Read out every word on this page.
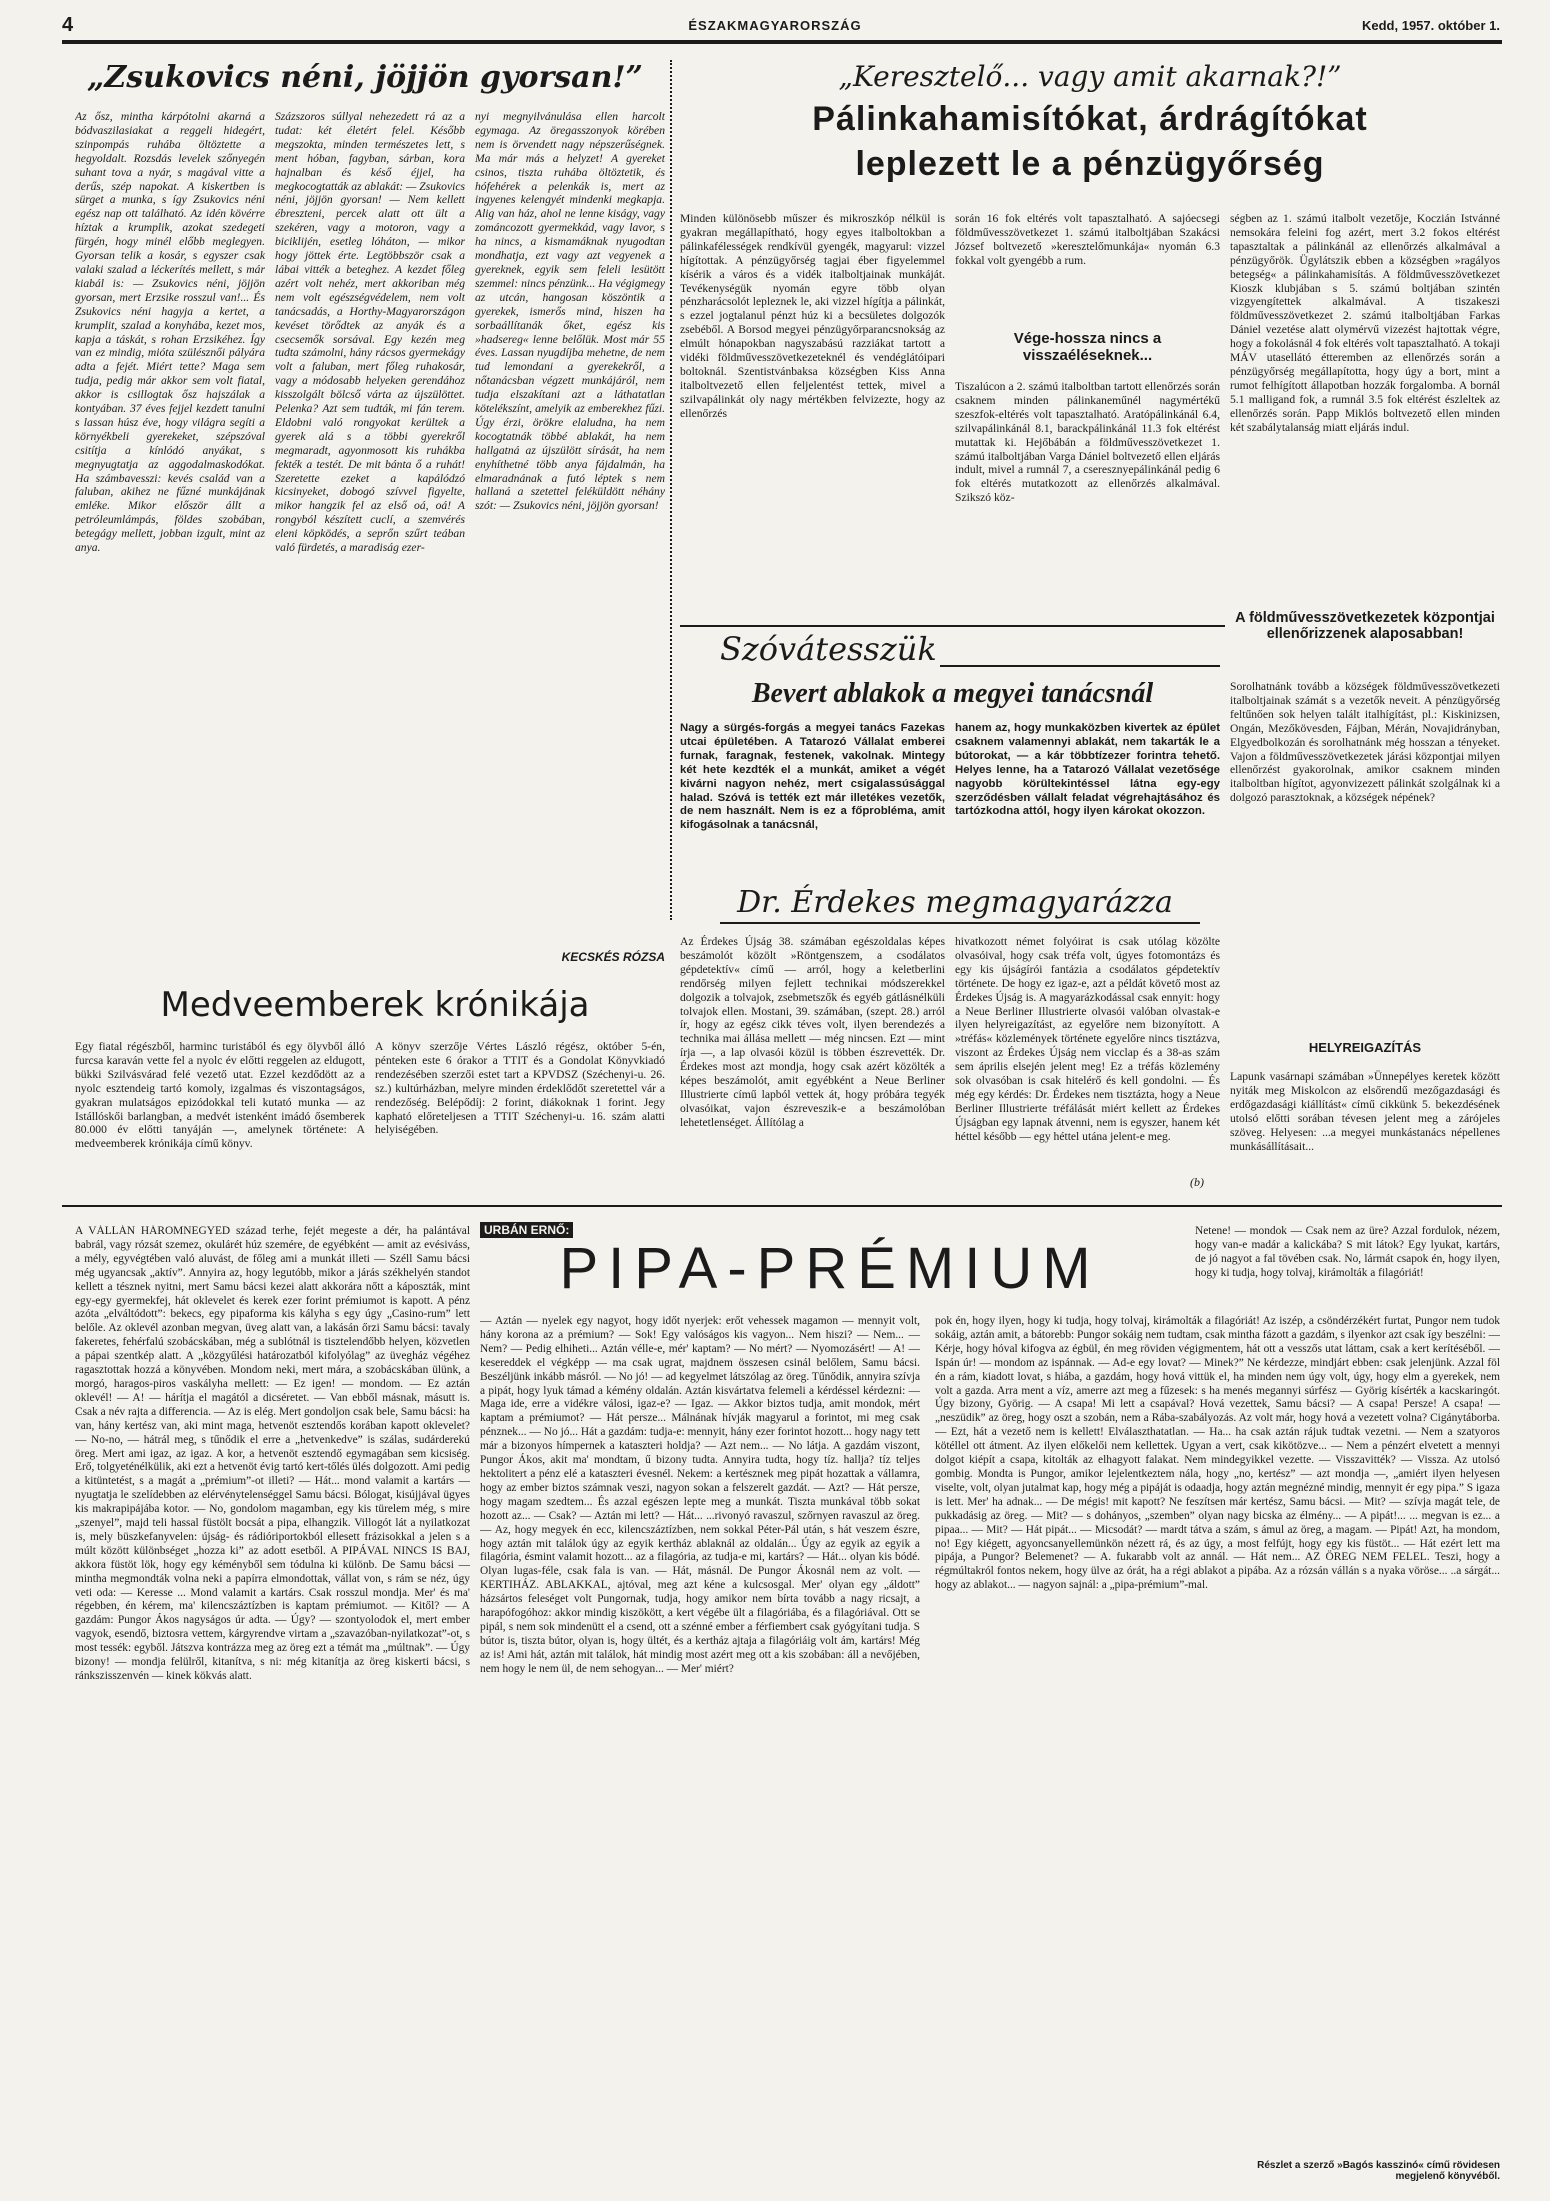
4	ÉSZAKMAGYARORSZÁG	Kedd, 1957. október 1.
„Zsukovics néni, jöjjön gyorsan!”
Az ősz, mintha kárpótolni akarná a bódvaszilasiakat a reggeli hidegért, szinpompás ruhába öltöztette a hegyoldalt. Rozsdás levelek szőnyegén suhant tova a nyár, s magával vitte a derűs, szép napokat. A kiskertben is sürget a munka, s így Zsukovics néni egész nap ott található. Az idén kövérre híztak a krumplik, azokat szedegeti fürgén, hogy minél előbb meglegyen. Gyorsan telik a kosár, s egyszer csak valaki szalad a léckerítés mellett, s már kiabál is: — Zsukovics néni, jöjjön gyorsan, mert Erzsike rosszul van!... És Zsukovics néni hagyja a kertet, a krumplit, szalad a konyhába, kezet mos, kapja a táskát, s rohan Erzsikéhez. Így van ez mindig, mióta szülésznői pályára adta a fejét. Miért tette? Maga sem tudja, pedig már akkor sem volt fiatal, akkor is csillogtak ősz hajszálak a kontyában. 37 éves fejjel kezdett tanulni s lassan húsz éve, hogy világra segíti a környékbeli gyerekeket, szépszóval csitítja a kínlódó anyákat, s megnyugtatja az aggodalmaskodókat. Ha számbavesszi: kevés család van a faluban, akihez ne fűzné munkájának emléke. Mikor először állt a petróleumlámpás, földes szobában, betegágy mellett, jobban izgult, mint az anya.
Százszoros súllyal nehezedett rá az a tudat: két életért felel. Később megszokta, minden természetes lett, s ment hóban, fagyban, sárban, kora hajnalban és késő éjjel, ha megkocogtatták az ablakát: — Zsukovics néni, jöjjön gyorsan! — Nem kellett ébreszteni, percek alatt ott ült a szekéren, vagy a motoron, vagy a biciklijén, esetleg lóháton, — mikor hogy jöttek érte. Legtöbbször csak a lábai vitték a beteghez. A kezdet főleg azért volt nehéz, mert akkoriban még nem volt egészségvédelem, nem volt tanácsadás, a Horthy-Magyarországon kevéset törődtek az anyák és a csecsemők sorsával. Egy kezén meg tudta számolni, hány rácsos gyermekágy volt a faluban, mert főleg ruhakosár, vagy a módosabb helyeken gerendához kisszolgált bölcső várta az újszülöttet. Pelenka? Azt sem tudták, mi fán terem. Eldobni való rongyokat kerültek a gyerek alá s a többi gyerekről megmaradt, agyonmosott kis ruhákba fekték a testét. De mit bánta ő a ruhát! Szeretette ezeket a kapálódzó kicsinyeket, dobogó szívvel figyelte, mikor hangzik fel az első oá, oá! A rongyból készített cuclí, a szemvérés eleni köpködés, a seprőn szűrt teában való fürdetés, a maradiság ezer-
nyi megnyilvánulása ellen harcolt egymaga. Az öregasszonyok körében nem is örvendett nagy népszerűségnek. Ma már más a helyzet! A gyereket csinos, tiszta ruhába öltöztetik, és hófehérek a pelenkák is, mert az ingyenes kelengyét mindenki megkapja. Alig van ház, ahol ne lenne kiságy, vagy zománcozott gyermekkád, vagy lavor, s ha nincs, a kismamáknak nyugodtan mondhatja, ezt vagy azt vegyenek a gyereknek, egyik sem feleli lesütött szemmel: nincs pénzünk... Ha végigmegy az utcán, hangosan köszöntik a gyerekek, ismerős mind, hiszen ha sorbaállítanák őket, egész kis »hadsereg« lenne belőlük. Most már 55 éves. Lassan nyugdíjba mehetne, de nem tud lemondani a gyerekekről, a nőtanácsban végzett munkájáról, nem tudja elszakítani azt a láthatatlan kötelékszínt, amelyik az emberekhez fűzi. Úgy érzi, örökre elaludna, ha nem kocogtatnák többé ablakát, ha nem hallgatná az újszülött sírását, ha nem enyhíthetné több anya fájdalmán, ha elmaradnának a futó léptek s nem hallaná a szetettel feléküldött néhány szót: — Zsukovics néni, jöjjön gyorsan!
KECSKÉS RÓZSA
„Keresztelő... vagy amit akarnak?!”
Pálinkahamisítókat, árdrágítókat
leplezett le a pénzügyőrség
Minden különösebb műszer és mikroszkóp nélkül is gyakran megállapítható, hogy egyes italboltokban a pálinkafélességek rendkívül gyengék, magyarul: vizzel hígítottak. A pénzügyőrség tagjai éber figyelemmel kísérik a város és a vidék italboltjainak munkáját. Tevékenységük nyomán egyre több olyan pénzharácsolót lepleznek le, aki vizzel hígítja a pálinkát, s ezzel jogtalanul pénzt húz ki a becsületes dolgozók zsebéből. A Borsod megyei pénzügyőrparancsnokság az elmúlt hónapokban nagyszabású razziákat tartott a vidéki földművesszövetkezeteknél és vendéglátóipari boltoknál. Szentistvánbaksa községben Kiss Anna italboltvezető ellen feljelentést tettek, mivel a szilvapálinkát oly nagy mértékben felvizezte, hogy az ellenőrzés
során 16 fok eltérés volt tapasztalható. A sajóecsegi földművesszövetkezet 1. számú italboltjában Szakácsi József boltvezető »keresztelőmunkája« nyomán 6.3 fokkal volt gyengébb a rum.
Vége-hossza nincs a visszaéléseknek...
Tiszalúcon a 2. számú italboltban tartott ellenőrzés során csaknem minden pálinkaneműnél nagymértékű szeszfok-eltérés volt tapasztalható. Aratópálinkánál 6.4, szilvapálinkánál 8.1, barackpálinkánál 11.3 fok eltérést mutattak ki. Hejőbábán a földművesszövetkezet 1. számú italboltjában Varga Dániel boltvezető ellen eljárás indult, mivel a rumnál 7, a cseresznyepálinkánál pedig 6 fok eltérés mutatkozott az ellenőrzés alkalmával. Szikszó köz-
ségben az 1. számú italbolt vezetője, Koczián Istvánné nemsokára feleini fog azért, mert 3.2 fokos eltérést tapasztaltak a pálinkánál az ellenőrzés alkalmával a pénzügyőrök. Ügylátszik ebben a községben »ragályos betegség« a pálinkahamisítás. A földművesszövetkezet Kioszk klubjában s 5. számú boltjában szintén vizgyengítettek alkalmával. A tiszakeszi földművesszövetkezet 2. számú italboltjában Farkas Dániel vezetése alatt olymérvű vizezést hajtottak végre, hogy a fokolásnál 4 fok eltérés volt tapasztalható. A tokaji MÁV utasellátó étteremben az ellenőrzés során a pénzügyőrség megállapította, hogy úgy a bort, mint a rumot felhígított állapotban hozzák forgalomba. A bornál 5.1 malligand fok, a rumnál 3.5 fok eltérést észleltek az ellenőrzés során. Papp Miklós boltvezető ellen minden két szabálytalanság miatt eljárás indul.
A földművesszövetkezetek központjai ellenőrizzenek alaposabban!
Sorolhatnánk tovább a községek földművesszövetkezeti italboltjainak számát s a vezetők neveit. A pénzügyőrség feltűnően sok helyen talált italhígítást, pl.: Kiskinizsen, Ongán, Mezőkövesden, Fájban, Mérán, Novajidrányban, Elgyedbolkozán és sorolhatnánk még hosszan a tényeket. Vajon a földművesszövetkezetek járási központjai milyen ellenőrzést gyakorolnak, amikor csaknem minden italboltban hígítot, agyonvizezett pálinkát szolgálnak ki a dolgozó parasztoknak, a községek népének?
Szóvátesszük
Bevert ablakok a megyei tanácsnál
Nagy a sürgés-forgás a megyei tanács Fazekas utcai épületében. A Tatarozó Vállalat emberei furnak, faragnak, festenek, vakolnak. Mintegy két hete kezdték el a munkát, amiket a végét kivárni nagyon nehéz, mert csigalassúsággal halad. Szóvá is tették ezt már illetékes vezetők, de nem használt. Nem is ez a főprobléma, amit kifogásolnak a tanácsnál,
hanem az, hogy munkaközben kivertek az épület csaknem valamennyi ablakát, nem takarták le a bútorokat, — a kár többtízezer forintra tehető. Helyes lenne, ha a Tatarozó Vállalat vezetősége nagyobb körültekintéssel látna egy-egy szerződésben vállalt feladat végrehajtásához és tartózkodna attól, hogy ilyen károkat okozzon.
Dr. Érdekes megmagyarázza
Az Érdekes Újság 38. számában egészoldalas képes beszámolót közölt »Röntgenszem, a csodálatos gépdetektív« című — arról, hogy a keletberlini rendőrség milyen fejlett technikai módszerekkel dolgozik a tolvajok, zsebmetszők és egyéb gátlásnélküli tolvajok ellen. Mostani, 39. számában, (szept. 28.) arról ír, hogy az egész cikk téves volt, ilyen berendezés a technika mai állása mellett — még nincsen. Ezt — mint írja —, a lap olvasói közül is többen észrevették. Dr. Érdekes most azt mondja, hogy csak azért közölték a képes beszámolót, amit egyébként a Neue Berliner Illustrierte című lapból vettek át, hogy próbára tegyék olvasóikat, vajon észreveszik-e a beszámolóban lehetetlenséget. Állítólag a
hivatkozott német folyóirat is csak utólag közölte olvasóival, hogy csak tréfa volt, úgyes fotomontázs és egy kis újságírói fantázia a csodálatos gépdetektív története. De hogy ez igaz-e, azt a példát követő most az Érdekes Újság is. A magyarázkodással csak ennyit: hogy a Neue Berliner Illustrierte olvasói valóban olvastak-e ilyen helyreigazítást, az egyelőre nem bizonyított. A »tréfás« közlemények története egyelőre nincs tisztázva, viszont az Érdekes Újság nem vicclap és a 38-as szám sem április elsején jelent meg! Ez a tréfás közlemény sok olvasóban is csak hitelérő és kell gondolni. — És még egy kérdés: Dr. Érdekes nem tisztázta, hogy a Neue Berliner Illustrierte tréfálását miért kellett az Érdekes Újságban egy lapnak átvenni, nem is egyszer, hanem két héttel később — egy héttel utána jelent-e meg.
(b)
HELYREIGAZÍTÁS
Lapunk vasárnapi számában »Ünnepélyes keretek között nyiták meg Miskolcon az elsőrendű mezőgazdasági és erdőgazdasági kiállítást« című cikkünk 5. bekezdésének utolsó előtti sorában tévesen jelent meg a zárójeles szöveg. Helyesen: ...a megyei munkástanács népellenes munkásállításait...
Medveemberek krónikája
Egy fiatal régészből, harminc turistából és egy ölyvből álló furcsa karaván vette fel a nyolc év előtti reggelen az eldugott, bükki Szilvásvárad felé vezető utat. Ezzel kezdődött az a nyolc esztendeig tartó komoly, izgalmas és viszontagságos, gyakran mulatságos epizódokkal teli kutató munka — az Istállóskői barlangban, a medvét istenként imádó ősemberek 80.000 év előtti tanyáján —, amelynek története: A medveemberek krónikája című könyv.
A könyv szerzője Vértes László régész, október 5-én, pénteken este 6 órakor a TTIT és a Gondolat Könyvkiadó rendezésében szerzői estet tart a KPVDSZ (Széchenyi-u. 26. sz.) kultúrházban, melyre minden érdeklődőt szeretettel vár a rendezőség. Belépődíj: 2 forint, diákoknak 1 forint. Jegy kapható előreteljesen a TTIT Széchenyi-u. 16. szám alatti helyiségében.
URBÁN ERNŐ:
PIPA-PRÉMIUM
A VÁLLÁN HÁROMNEGYED század terhe, fejét megeste a dér, ha palántával babrál, vagy rózsát szemez, okulárét húz szemére, de egyébként — amit az evésiváss, a mély, egyvégtében való aluvást, de főleg ami a munkát illeti — Széll Samu bácsi még ugyancsak „aktív”. Annyira az, hogy legutóbb, mikor a járás székhelyén standot kellett a tésznek nyitni, mert Samu bácsi kezei alatt akkorára nőtt a káposzták, mint egy-egy gyermekfej, hát oklevelet és kerek ezer forint prémiumot is kapott. A pénz azóta „elváltódott”: bekecs, egy pipaforma kis kályha s egy úgy „Casino-rum” lett belőle. Az oklevél azonban megvan, üveg alatt van, a lakásán őrzi Samu bácsi: tavaly fakeretes, fehérfalú szobácskában, még a sublótnál is tisztelendőbb helyen, közvetlen a pápai szentkép alatt. A „közgyűlési határozatból kifolyólag” az üvegház végéhez ragasztottak hozzá a könyvében. Mondom neki, mert mára, a szobácskában ülünk, a morgó, haragos-piros vaskályha mellett: — Ez igen! — mondom. — Ez aztán oklevél! — A! — hárítja el magától a dicséretet. — Van ebből másnak, másutt is. Csak a név rajta a differencia. — Az is elég. Mert gondoljon csak bele, Samu bácsi: ha van, hány kertész van, aki mint maga, hetvenöt esztendős korában kapott oklevelet? — No-no, — hátrál meg, s tűnődik el erre a „hetvenkedve” is szálas, sudárderekú öreg. Mert ami igaz, az igaz. A kor, a hetvenöt esztendő egymagában sem kicsiség. Erő, tolgyeténélkülik, aki ezt a hetvenöt évig tartó kert-tőlés ülés dolgozott. Ami pedig a kitüntetést, s a magát a „prémium”-ot illeti? — Hát... mond valamit a kartárs — nyugtatja le szelídebben az elérvénytelenséggel Samu bácsi. Bólogat, kisújjával ügyes kis makrapipájába kotor. — No, gondolom magamban, egy kis türelem még, s mire „szenyel”, majd teli hassal füstölt bocsát a pipa, elhangzik. Villogót lát a nyilatkozat is, mely büszkefanyvelen: újság- és rádióriportokból ellesett frázisokkal a jelen s a múlt között különbséget „hozza ki” az adott esetből. A PIPÁVAL NINCS IS BAJ, akkora füstöt lök, hogy egy kéményből sem tódulna ki különb. De Samu bácsi — mintha megmondták volna neki a papírra elmondottak, vállat von, s rám se néz, úgy veti oda: — Keresse ... Mond valamit a kartárs. Csak rosszul mondja. Mer' és ma' régebben, én kérem, ma' kilencszáztízben is kaptam prémiumot. — Kitől? — A gazdám: Pungor Ákos nagyságos úr adta. — Úgy? — szontyolodok el, mert ember vagyok, esendő, biztosra vettem, kárgyrendve virtam a „szavazóban-nyilatkozat”-ot, s most tessék: egyből. Játszva kontrázza meg az öreg ezt a témát ma „múltnak”. — Úgy bizony! — mondja felülről, kitanítva, s ni: még kitanítja az öreg kiskerti bácsi, s ránkszisszenvén — kinek kökvás alatt.
— Aztán — nyelek egy nagyot, hogy időt nyerjek: erőt vehessek magamon — mennyit volt, hány korona az a prémium? — Sok! Egy valóságos kis vagyon... Nem hiszi? — Nem... — Nem? — Pedig elhiheti... Aztán vélle-e, mér' kaptam? — No mért? — Nyomozásért! — A! — kesereddek el végképp — ma csak ugrat, majdnem összesen csinál belőlem, Samu bácsi. Beszéljünk inkább másról. — No jó! — ad kegyelmet látszólag az öreg. Tűnődik, annyira szívja a pipát, hogy lyuk támad a kémény oldalán. Aztán kisvártatva felemeli a kérdéssel kérdezni: — Maga ide, erre a vidékre válosi, igaz-e? — Igaz. — Akkor biztos tudja, amit mondok, mért kaptam a prémiumot? — Hát persze... Málnának hívják magyarul a forintot, mi meg csak pénznek... — No jó... Hát a gazdám: tudja-e: mennyit, hány ezer forintot hozott... hogy nagy tett már a bizonyos hímpernek a kataszteri holdja? — Azt nem... — No látja. A gazdám viszont, Pungor Ákos, akit ma' mondtam, ű bizony tudta. Annyira tudta, hogy tíz. hallja? tíz teljes hektolitert a pénz elé a kataszteri évesnél. Nekem: a kertésznek meg pipát hozattak a vállamra, hogy az ember biztos számnak veszi, nagyon sokan a felszerelt gazdát. — Azt? — Hát persze, hogy magam szedtem... És azzal egészen lepte meg a munkát. Tiszta munkával több sokat hozott az... — Csak? — Aztán mi lett? — Hát... ...rivonyó ravaszul, szőrnyen ravaszul az öreg. — Az, hogy megyek én ecc, kilencszáztízben, nem sokkal Péter-Pál után, s hát veszem észre, hogy aztán mit találok úgy az egyik kertház ablaknál az oldalán... Úgy az egyik az egyik a filagória, ésmint valamit hozott... az a filagória, az tudja-e mi, kartárs? — Hát... olyan kis bódé. Olyan lugas-féle, csak fala is van. — Hát, másnál. De Pungor Ákosnál nem az volt. — KERTIHÁZ. ABLAKKAL, ajtóval, meg azt kéne a kulcsosgal. Mer' olyan egy „áldott” házsártos feleséget volt Pungornak, tudja, hogy amikor nem bírta tovább a nagy ricsajt, a harapófogóhoz: akkor mindig kiszökött, a kert végébe ült a filagóriába, és a filagóriával. Ott se pipál, s nem sok mindenütt el a csend, ott a szénné ember a férfiembert csak gyógyítani tudja. S bútor is, tiszta bútor, olyan is, hogy ültét, és a kertház ajtaja a filagóriáig volt ám, kartárs! Még az is! Ami hát, aztán mit találok, hát mindig most azért meg ott a kis szobában: áll a nevőjében, nem hogy le nem ül, de nem sehogyan... — Mer' miért?
Netene! — mondok — Csak nem az üre? Azzal fordulok, nézem, hogy van-e madár a kalickába? S mit látok? Egy lyukat, kartárs, de jó nagyot a fal tövében csak. No, lármát csapok én, hogy ilyen, hogy ki tudja, hogy tolvaj, kirámolták a filagóriát!
pok én, hogy ilyen, hogy ki tudja, hogy tolvaj, kirámolták a filagóriát! Az iszép, a csöndérzékért furtat, Pungor nem tudok sokáig, aztán amit, a bátorebb: Pungor sokáig nem tudtam, csak mintha fázott a gazdám, s ilyenkor azt csak így beszélni: — Kérje, hogy hóval kifogva az égbül, én meg röviden végigmentem, hát ott a vesszős utat láttam, csak a kert kerítéséből. — Ispán úr! — mondom az ispánnak. — Ad-e egy lovat? — Minek?” Ne kérdezze, mindjárt ebben: csak jelenjünk. Azzal föl én a rám, kiadott lovat, s hiába, a gazdám, hogy hová vittük el, ha minden nem úgy volt, úgy, hogy elm a gyerekek, nem volt a gazda. Arra ment a víz, amerre azt meg a fűzesek: s ha menés megannyi súrfész — Györig kísérték a kacskaringót. Úgy bizony, Györig. — A csapa! Mi lett a csapával? Hová vezettek, Samu bácsi? — A csapa! Persze! A csapa! — „neszüdik” az öreg, hogy oszt a szobán, nem a Rába-szabályozás. Az volt már, hogy hová a vezetett volna? Cigánytáborba. — Ezt, hát a vezető nem is kellett! Elválaszthatatlan. — Ha... ha csak aztán rájuk tudtak vezetni. — Nem a szatyoros kötéllel ott átment. Az ilyen előkelői nem kellettek. Ugyan a vert, csak kikötözve... — Nem a pénzért elvetett a mennyi dolgot kiépít a csapa, kitolták az elhagyott falakat. Nem mindegyikkel vezette. — Visszavitték? — Vissza. Az utolsó gombig. Mondta is Pungor, amikor lejelentkeztem nála, hogy „no, kertész” — azt mondja —, „amiért ilyen helyesen viselte, volt, olyan jutalmat kap, hogy még a pipáját is odaadja, hogy aztán megnézné mindig, mennyit ér egy pipa.” S igaza is lett. Mer' ha adnak... — De mégis! mit kapott? Ne feszítsen már kertész, Samu bácsi. — Mit? — szívja magát tele, de pukkadásig az öreg. — Mit? — s dohányos, „szemben” olyan nagy bicska az élmény... — A pipát!... ... megvan is ez... a pipaa... — Mit? — Hát pipát... — Micsodát? — mardt tátva a szám, s ámul az öreg, a magam. — Pipát! Azt, ha mondom, no! Egy kiégett, agyoncsanyellemünkön nézett rá, és az úgy, a most felfújt, hogy egy kis füstöt... — Hát ezért lett ma pipája, a Pungor? Belemenet? — A. fukarabb volt az annál. — Hát nem... AZ ÖREG NEM FELEL. Teszi, hogy a régmúltakról fontos nekem, hogy ülve az órát, ha a régi ablakot a pipába. Az a rózsán vállán s a nyaka vöröse... ..a sárgát... hogy az ablakot... — nagyon sajnál: a „pipa-prémium”-mal.
Részlet a szerző »Bagós kasszinó« című rövidesen megjelenő könyvéből.
